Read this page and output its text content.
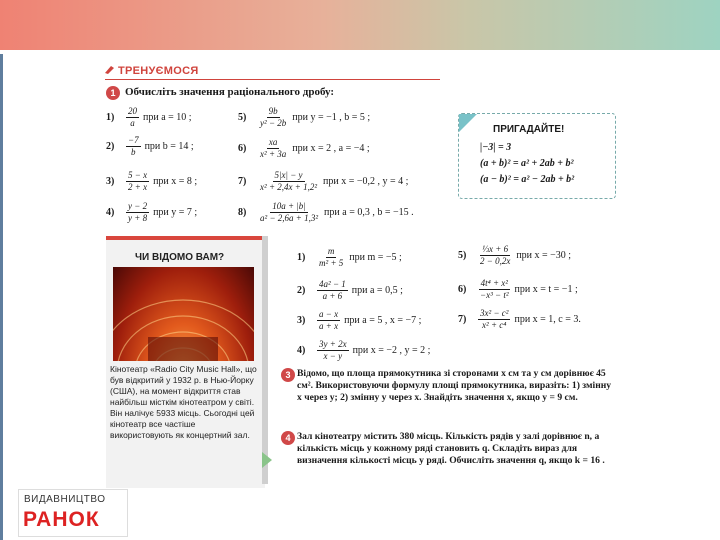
ТРЕНУЄМОСЯ
1 Обчисліть значення раціонального дробу:
1)	$\frac{20}{a}$ при a = 10 ;
2)	$\frac{-7}{b}$ при b = 14 ;
3)	$\frac{5 - x}{2 + x}$ при x = 8 ;
4)	$\frac{y - 2}{y + 8}$ при y = 7 ;
5)	$\frac{9b}{\text{y² − 2b}}$ при y = −1 , b = 5 ;
6)	$\frac{xa}{\text{x² + 3a}}$ при x = 2 , a = −4 ;
7)	$\frac{5|x| - y}{\text{x² + 2,4x + 1,2²}}$ при x = −0,2 , y = 4 ;
8)	$\frac{10a + |b|}{\text{a² − 2,6a + 1,3²}}$ при a = 0,3 , b = −15 .
ПРИГАДАЙТЕ!
|−3| = 3
(a + b)² = a² + 2ab + b²
(a − b)² = a² − 2ab + b²
ЧИ ВІДОМО ВАМ?
Кінотеатр «Radio City Music Hall», що був відкритий у 1932 р. в Нью-Йорку (США), на момент відкриття став найбільш місткім кінотеатром у світі. Він налічує 5933 місць. Сьогодні цей кінотеатр все частіше використовують як концертний зал.
1)	$\frac{m}{\text{m² + 5}}$ при m = −5 ;
2)	$\frac{\text{4a² − 1}}{a + 6}$ при a = 0,5 ;
3)	$\frac{a - x}{a + x}$ при a = 5 , x = −7 ;
4)	$\frac{3y + 2x}{x - y}$ при x = −2 , y = 2 ;
5)	$\frac{\text{⅓x + 6}}{2 - 0,2x}$ при x = −30 ;
6)	$\frac{\text{4t⁴ + x²}}{\text{−x³ − t²}}$ при x = t = −1 ;
7)	$\frac{\text{3x² − c²}}{\text{x² + c⁴}}$ при x = 1, c = 3.
3 Відомо, що площа прямокутника зі сторонами x см та y см дорівнює 45 см². Використовуючи формулу площі прямокутника, виразіть: 1) змінну x через y; 2) змінну y через x. Знайдіть значення x, якщо y = 9 см.
4 Зал кінотеатру містить 380 місць. Кількість рядів у залі дорівнює n, а кількість місць у кожному ряді становить q. Складіть вираз для визначення кількості місць у ряді. Обчисліть значення q, якщо k = 16 .
ВИДАВНИЦТВО
РАНОК
